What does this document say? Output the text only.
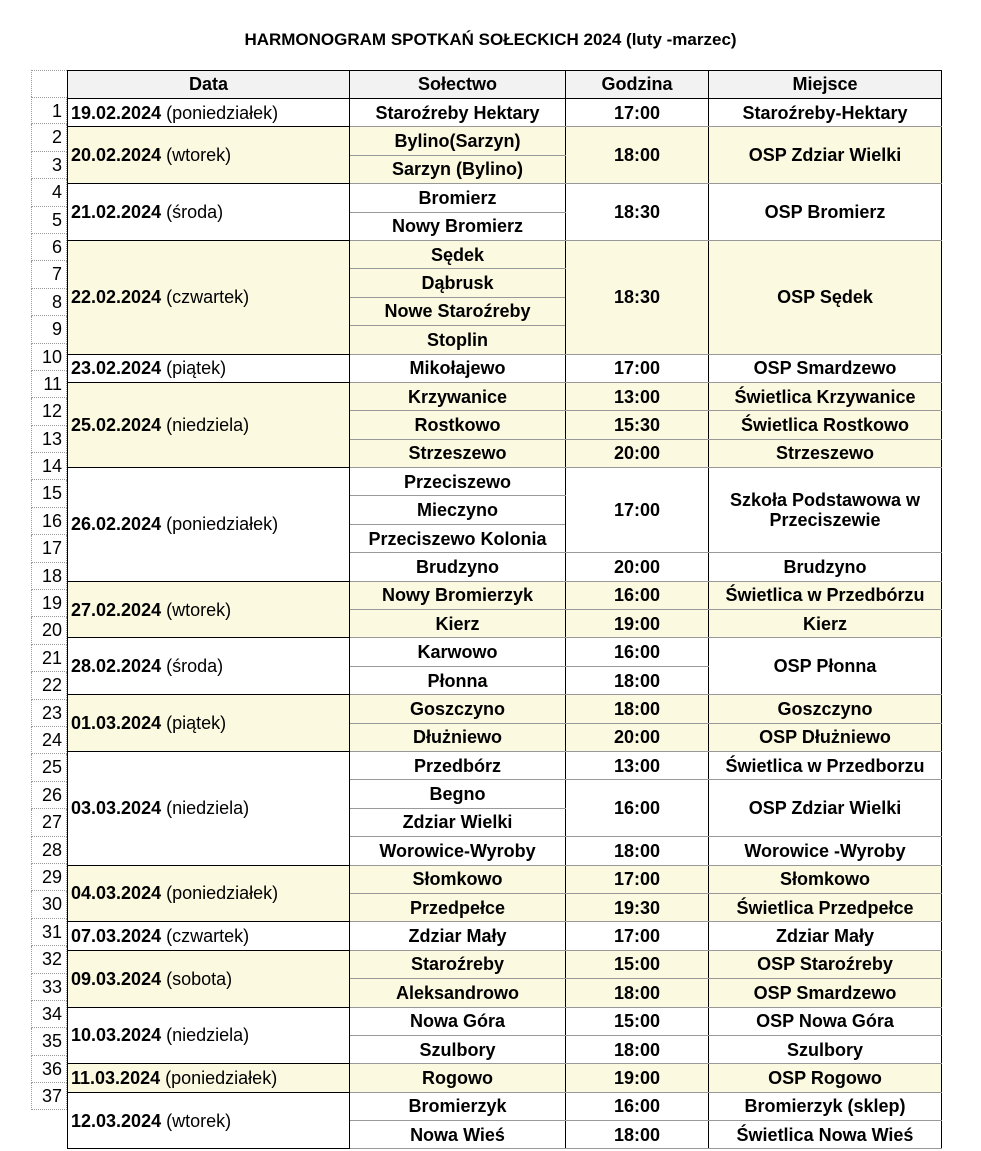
HARMONOGRAM SPOTKAŃ SOŁECKICH 2024 (luty -marzec)
1
2
3
4
5
6
7
8
9
10
11
12
13
14
15
16
17
18
19
20
21
22
23
24
25
26
27
28
29
30
31
32
33
34
35
36
37
Data	Sołectwo	Godzina	Miejsce
19.02.2024 (poniedziałek)	Staroźreby Hektary	17:00	Staroźreby-Hektary
20.02.2024 (wtorek)	Bylino(Sarzyn)	18:00	OSP Zdziar Wielki
	Sarzyn (Bylino)		
21.02.2024 (środa)	Bromierz	18:30	OSP Bromierz
	Nowy Bromierz		
22.02.2024 (czwartek)	Sędek	18:30	OSP Sędek
	Dąbrusk		
	Nowe Staroźreby		
	Stoplin		
23.02.2024 (piątek)	Mikołajewo	17:00	OSP Smardzewo
25.02.2024 (niedziela)	Krzywanice	13:00	Świetlica Krzywanice
	Rostkowo	15:30	Świetlica Rostkowo
	Strzeszewo	20:00	Strzeszewo
26.02.2024 (poniedziałek)	Przeciszewo	17:00	Szkoła Podstawowa w Przeciszewie
	Mieczyno		
	Przeciszewo Kolonia		
	Brudzyno	20:00	Brudzyno
27.02.2024 (wtorek)	Nowy Bromierzyk	16:00	Świetlica w Przedbórzu
	Kierz	19:00	Kierz
28.02.2024 (środa)	Karwowo	16:00	OSP Płonna
	Płonna	18:00	
01.03.2024 (piątek)	Goszczyno	18:00	Goszczyno
	Dłużniewo	20:00	OSP Dłużniewo
03.03.2024 (niedziela)	Przedbórz	13:00	Świetlica w Przedborzu
	Begno	16:00	OSP Zdziar Wielki
	Zdziar Wielki		
	Worowice-Wyroby	18:00	Worowice -Wyroby
04.03.2024 (poniedziałek)	Słomkowo	17:00	Słomkowo
	Przedpełce	19:30	Świetlica Przedpełce
07.03.2024 (czwartek)	Zdziar Mały	17:00	Zdziar Mały
09.03.2024 (sobota)	Staroźreby	15:00	OSP Staroźreby
	Aleksandrowo	18:00	OSP Smardzewo
10.03.2024 (niedziela)	Nowa Góra	15:00	OSP Nowa Góra
	Szulbory	18:00	Szulbory
11.03.2024 (poniedziałek)	Rogowo	19:00	OSP Rogowo
12.03.2024 (wtorek)	Bromierzyk	16:00	Bromierzyk (sklep)
	Nowa Wieś	18:00	Świetlica Nowa Wieś
